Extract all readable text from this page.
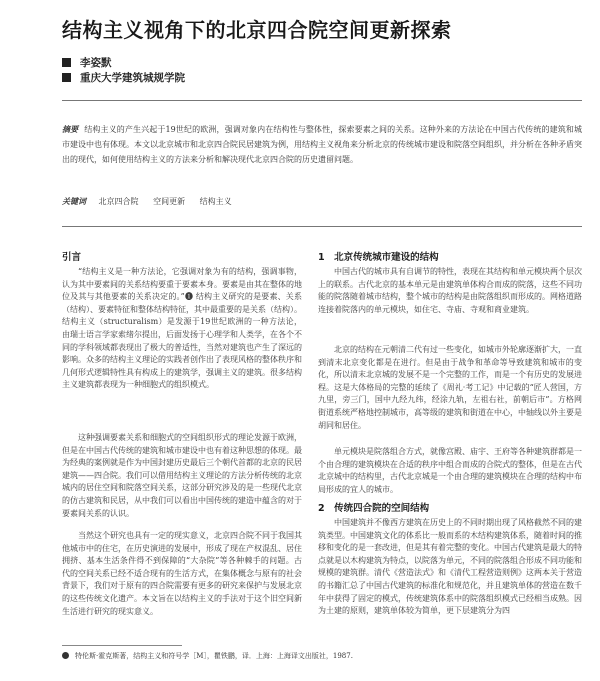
结构主义视角下的北京四合院空间更新探索
李姿默
重庆大学建筑城规学院
摘要 结构主义的产生兴起于19世纪的欧洲，强调对象内在结构性与整体性，探索要素之间的关系。这种外来的方法论在中国古代传统的建筑和城市建设中也有体现。本文以北京城市和北京四合院民居建筑为例，用结构主义视角来分析北京的传统城市建设和院落空间组织，并分析在各种矛盾突出的现代，如何使用结构主义的方法来分析和解决现代北京四合院的历史遗留问题。
关键词 北京四合院 空间更新 结构主义
引言

“结构主义是一种方法论，它强调对象为有的结构，强调事物，认为其中要素间的关系结构要重于要素本身。要素是由其在整体的地位及其与其他要素的关系决定的。”❶ 结构主义研究的是要素、关系（结构）、要素特征和整体结构特征，其中最重要的是关系（结构）。结构主义（structuralism）是发源于19世纪欧洲的一种方法论，由瑞士语言学家索绪尔提出，后面发扬于心理学和人类学，在各个不同的学科领域都表现出了极大的普适性，当然对建筑也产生了深远的影响。众多的结构主义理论的实践者创作出了表现风格的整体秩序和几何形式逻辑特性具有构成上的建筑学，强调主义的建筑。很多结构主义建筑都表现为一种细胞式的组织模式。

这种强调要素关系和细胞式的空间组织形式的理论发源于欧洲，但是在中国古代传统的建筑和城市建设中也有着这种思想的体现。最为经典的案例就是作为中国封建历史最后三个朝代首都的北京的民居建筑——四合院。我们可以借用结构主义理论的方法分析传统的北京城内的居住空间和院落空间关系，这部分研究涉及的是一些现代北京的仿古建筑和民居，从中我们可以看出中国传统的建造中蕴含的对于要素间关系的认识。

当然这个研究也具有一定的现实意义，北京四合院不同于我国其他城市中的住宅，在历史演进的发展中，形成了现在产权混乱、居住拥挤、基本生活条件得不到保障的“大杂院”等各种棘手的问题。古代的空间关系已经不适合现有的生活方式，在集体概念与原有的社会背景下，我们对于原有的四合院需要有更多的研究来保护与发展北京的这些传统文化遗产。本文旨在以结构主义的手法对于这个旧空间新生活进行研究的现实意义。

1　北京传统城市建设的结构

中国古代的城市具有自调节的特性，表现在其结构和单元模块两个层次上的联系。古代北京的基本单元是由建筑单体构合而成的院落，这些不同功能的院落随着城市结构，整个城市的结构是由院落组织而形成的。网格道路连接着院落内的单元模块，如住宅、寺庙、寺观和商业建筑。

北京的结构在元朝清二代有过一些变化，如城市外轮廓逐渐扩大，一直到清末北京变化都是在进行。但是由于战争和革命等导致建筑和城市的变化，所以清末北京城的发展不是一个完整的工作，而是一个有历史的发展进程。这是大体格局的完整的延续了《周礼·考工记》中记载的“匠人营国，方九里，旁三门，国中九经九纬，经涂九轨，左祖右社，前朝后市”。方格网街道系统严格地控制城市，高等级的建筑和街道在中心，中轴线以外主要是胡同和居住。

单元模块是院落组合方式，就像宫殿、庙宇、王府等各种建筑群都是一个由合理的建筑模块在合适的秩序中组合而成的合院式的整体，但是在古代北京城中的结构里，古代北京城是一个由合理的建筑模块在合理的结构中布局形成的宜人的城市。

2　传统四合院的空间结构

中国建筑并不像西方建筑在历史上的不同时期出现了风格截然不同的建筑类型。中国建筑文化的体系比一般而系的木结构建筑体系，随着时间的推移和变化的是一套改进，但是其有着完整的变化。中国古代建筑是最大的特点就是以木构建筑为特点，以院落为单元，不同的院落组合形成不同功能和规模的建筑群。清代《营造法式》和《清代工程营造则例》这两本关于营造的书籍汇总了中国古代建筑的标准化和规范化，并且建筑单体的营造在数千年中获得了固定的模式，传统建筑体系中的院落组织模式已经相当成熟。因为土建的原则，建筑单体较为简单，更下层建筑分为四

特伦斯·霍克斯著，结构主义和符号学［M］，瞿铁鹏，译．上海：上海译文出版社，1987.
